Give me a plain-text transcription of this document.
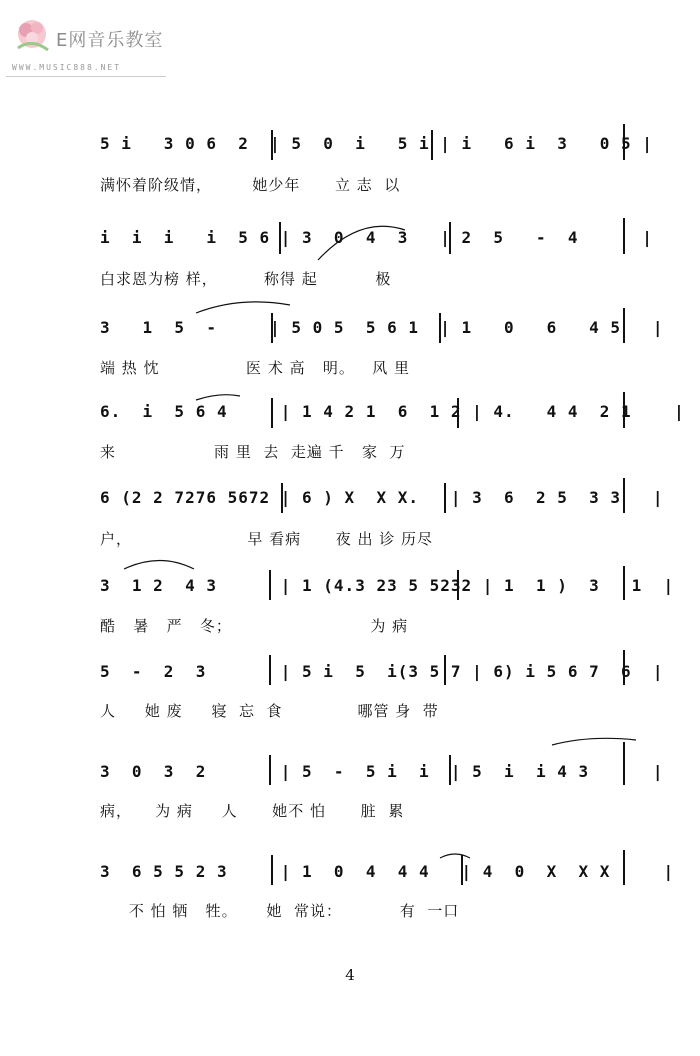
E网音乐教室
WWW.MUSIC888.NET
5 i   3 0 6  2  | 5  0  i   5 i | i   6 i  3   0 5 |
满怀着阶级情，       她少年      立 志  以
i  i  i   i  5 6 | 3  0  4  3   | 2  5   -  4      |
白求恩为榜 样，        称得 起          极
3   1  5  -     | 5 0 5  5 6 1  | 1   0   6   4 5   |
端 热 忱               医 术 高   明。   风 里
6.  i  5 6 4     | 1 4 2 1  6  1 2 | 4.   4 4  2 1    |
来                 雨 里  去  走遍 千   家  万
6 (2 2 7276 5672 | 6 ) X  X X.   | 3  6  2 5  3 3   |
户，                    早 看病      夜 出 诊 历尽
3  1 2  4 3      | 1 (4.3 23 5 5232 | 1  1 )  3   1  |
酷   暑   严   冬；                        为 病
5  -  2  3       | 5 i  5  i(3 5 7 | 6) i 5 6 7  6  |
人     她 废     寝  忘  食             哪管 身  带
3  0  3  2       | 5  -  5 i  i  | 5  i  i 4 3      |
病，    为 病     人      她不 怕      脏  累
3  6 5 5 2 3     | 1  0  4  4 4   | 4  0  X  X X     |
不 怕 牺   牲。     她  常说：          有  一口
4
